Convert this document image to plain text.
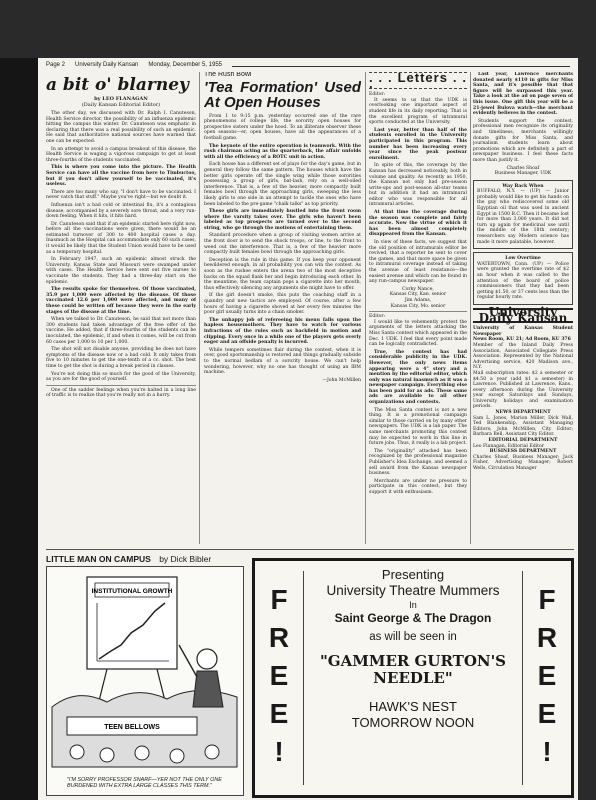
Page 2 University Daily Kansan Monday, December 5, 1955
a bit o' blarney
by LEO FLANAGAN
(Daily Kansan Editorial Editor)

The other day, we discussed with Dr. Ralph I. Canuteson, Health Service director, the possibility of an influenza epidemic hitting the campus this winter. Dr. Canuteson was emphatic in declaring that there was a real possibility of such an epidemic. He said that authoritative national sources have warned that one can be expected.

In an attempt to avoid a campus breakout of this disease, the Health Service is waging a vigorous campaign to get at least three-fourths of the students vaccinated.

This is where you come into the picture. The Health Service can have all the vaccine from here to Timbuctoo, but if you don't allow yourself to be vaccinated, it's useless.

There are too many who say, "I don't have to be vaccinated. I never catch that stuff." Maybe you've right—but we doubt it.

Influenza isn't a bad cold or intestinal flu, it's a contagious disease, accompanied by a severely sore throat, and a very run-down feeling. When it hits, it hits hard.

Dr. Canuteson said that if an epidemic started here right now, before all the vaccinations were given, there would be an estimated turnover of 300 to 400 hospital cases a day. Inasmuch as the Hospital can accommodate only 60 such cases, it would be likely that the Student Union would have to be used as a temporary hospital.

In February 1947, such an epidemic almost struck the University. Kansas State and Missouri were swamped under with cases. The Health Service here sent out five nurses to vaccinate the students. They had a three-day start on the epidemic.

The results spoke for themselves. Of those vaccinated, 35.9 per 1,000 were affected by the disease. Of those vaccinated 12.6 per 1,000 were affected, and many of these could be written off because they were in the early stages of the disease at the time.

When we talked to Dr. Canuteson, he said that not more than 300 students had taken advantage of the free offer of the vaccine. He added, that if three-fourths of the students can be inoculated, the epidemic, if and when it comes, will be cut from 60 cases per 1,000 to 10 per 1,000.

The shot will not disable anyone, providing he does not have symptoms of the disease now or a bad cold. It only takes from five to 10 minutes to get the one-tenth of a cc. shot. The best time to get the shot is during a break period in classes.

You're not doing this so much for the good of the University, as you are for the good of yourself.

One of the sadder feelings when you're halted in a long line of traffic is to realize that you're really not in a hurry.

The Rush Bowl
'Tea Formation' Used At Open Houses

From 1 to 9:15 p.m. yesterday occurred one of the rare phenomenons of college life, the sorority open houses for prospective sisters under the hood. To an illiterate observer these open seasons—er, open houses, have all the appearances of a football game.

The keynote of the entire operation is teamwork. With the rush chairman acting as the quarterback, the affair unfolds with all the efficiency of a ROTC unit in action.

Each house has a different set of plays for the day's game, but in general they follow the same pattern. The houses which have the better girls operate off the single wing while those sororities possessing a group of girls, bat-lash, rely on a well-oiled interference. That is, a few of the heavier, more compactly built females bowl through the approaching girls, sweeping the less likely girls to one side in an attempt to tackle the ones who have been labeled to the pre-game "chalk talks" as top priority.

These girls are immediately hustled into the front room where the varsity takes over. The girls who haven't been labeled as top prospects are turned over to the second string, who go through the motions of entertaining them.

Standard procedure when a group of visiting women arrive at the front door is to send the shock troops, or line, to the front to weed out the interference. That is, a few of the heavier more compactly built females bowl through the approaching girls.

Deception is the rule in this game. If you keep your opponent bewildered enough, in all probability you can win the contest. As soon as the rushee enters the arena two of the most deceptive backs on the squad flank her and begin introducing each other. In the meantime, the team captain pops a cigarette into her mouth, thus effectively silencing any arguments she might have to offer.

If the girl doesn't smoke, this puts the coaching staff in a quandry and new tactics are employed. Of course, after a few hours of having a cigarette shoved at her every few minutes the poor girl usually turns into a chain smoker.

The unhappy job of refereeing his menu falls upon the hapless housemothers. They have to watch for various infractions of the rules such as backfield in motion and clipping. Every once in a while one of the players gets overly eager and an offside penalty is incurred.

While tempers sometimes flair during the contest, when it is over, good sportsmanship is restored and things gradually subside to the normal bedlam of a sorority house. We can't help wondering, however, why no one has thought of using an IBM machine.

—John McMillen
. . . Letters . . .
Editor:

It seems to us that the UDK is overlooking one important aspect of student life in its daily reporting. That is the excellent program of intramural sports conducted at the University.

Last year, better than half of the students enrolled in the University participated in this program. This number has been increasing every year since the peak postwar enrollment.

In spite of this, the coverage by the Kansan has decreased noticeably, both in volume and quality. As recently as 1950, the Kansan not only had pre-season write-ups and post-season all-star teams but in addition it had an intramural editor who was responsible for all intramural articles.

At that time the coverage during the season was complete and fairly accurate. Now the virtue of which it has been almost completely disappeared from the Kansan.

In view of these facts, we suggest that the old position of intramurals editor be revived, that a reporter be sent to cover the games, and that more space be given to intramural coverage instead of taking the avenue of least resistance—the easiest avenue and which can be found in any run-campus newspaper.

Corky Nance,
Kansas City, Kan. senior
Jim Adams,
Kansas City, Mo. senior
Editor:

I would like to vehemently protest the arguments of the letters attacking the Miss Santa contest which appeared in the Dec. 1 UDK. I feel that every point made can be logically contradicted.

True, the contest has had considerable publicity in the UDK. However, the only news items appearing were a 4" story and a mention by the editorial editor, which only was natural inasmuch as it was a newspaper campaign. Everything else has been paid for as ads. These same ads are available to all other organizations and contests.

The Miss Santa contest is not a new thing. It is a promotional campaign similar to those carried on by many other newspapers. The UDK is a lab paper. The same merchants promoting this contest may be expected to work in this line in future jobs. Thus, it really is a lab project.

The "originality" attacked has been recognized by the professional magazine Publisher's Idea Exchange, and seemed a sell award from the Kansas newspaper business.

Merchants are under no pressure to participate in this contest, but they support it with enthusiasm.

Last year, Lawrence merchants donated nearly $110 in gifts for Miss Santa, and it's possible that that figure will be surpassed this year. Take a look at the ad on page seven of this issue. One gift this year will be a 21-jewel Bulova watch—the merchant evidently believes in the contest.

Students support the contest, professional men recognize its originality and timeliness, merchants willingly donate gifts for Miss Santa, and journalism students learn about promotions which are definitely a part of newspaper business. I feel these facts more than justify it.

Charles Shoaf
Business Manager, UDK
Way Back When
BUFFALO, N.Y. — (UP) — Junior probably would like to get his hands on the guy who rediscovered some old Egyptian oil that was used in ancient Egypt in 1500 B.C. Then it became lost for more than 3,000 years. It did not turn up again for medicinal use until the middle of the 18th century; researchers say Modern science has made it more palatable, however.
Low Overtime
WATERTOWN, Conn. (UP) — Police were granted the overtime rate of $2 an hour when it was called to the attention of the board of police commissioners that they had been getting $1.50, or 37 cents less than the regular hourly rate.
University Daily Kansan
University of Kansas Student Newspaper
News Room, KU 21; Ad Room, KU 376
Member of the Inland Daily Press Association, Associated Collegiate Press Association. Represented by the National Advertising service, 420 Madison ave., N.Y.
Mail subscription rates: $2 a semester or $4.50 a year (add $1 a semester) in Lawrence. Published at Lawrence, Kans., every afternoon during the University year except Saturdays and Sundays, University holidays and examination periods.
NEWS DEPARTMENT
Sam L. Jones, Marion Miller, Dick Wall, Ted Blankenship, Assistant Managing Editors; John McMillen, City Editor; Barbara Bell, Assistant City Editor.
EDITORIAL DEPARTMENT
Leo Flanagan, Editorial Editor
BUSINESS DEPARTMENT
Charles Shoaf, Business Manager; Jack Fisher, Advertising Manager; Robert Wells, Circulation Manager
LITTLE MAN ON CAMPUS by Dick Bibler
INSTITUTIONAL GROWTH
TEEN BELLOWS
"I'M SORRY PROFESSOR SNARF—YER NOT THE ONLY ONE BURDENED WITH EXTRA LARGE CLASSES THIS TERM."
F
R
E
E
!
Presenting
University Theatre Mummers
In
Saint George & The Dragon
as will be seen in
"GAMMER GURTON'S
NEEDLE"
HAWK'S NEST
TOMORROW NOON
F
R
E
E
!
